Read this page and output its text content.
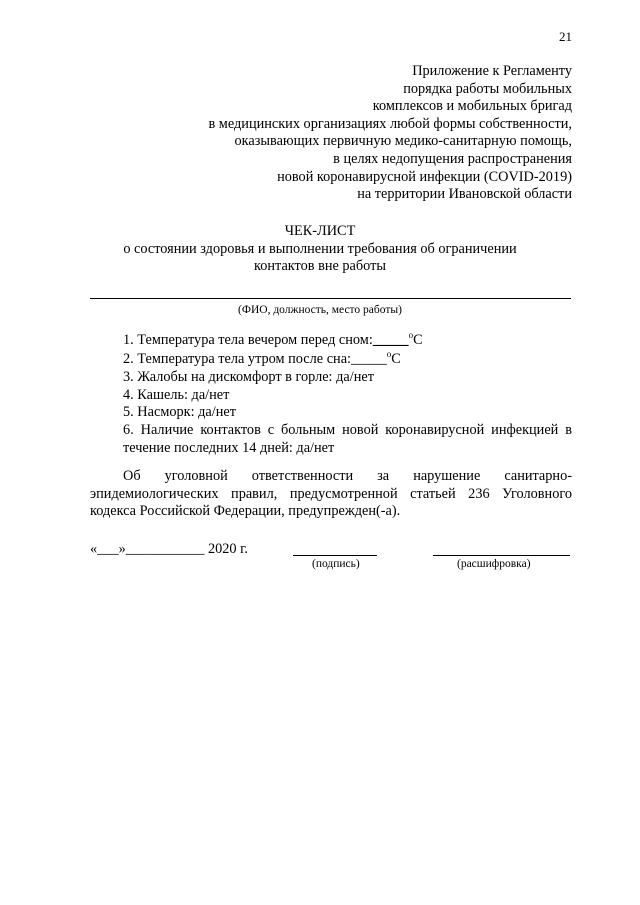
21
Приложение к Регламенту
порядка работы мобильных
комплексов и мобильных бригад
в медицинских организациях любой формы собственности,
оказывающих первичную медико-санитарную помощь,
в целях недопущения распространения
новой коронавирусной инфекции (COVID-2019)
на территории Ивановской области
ЧЕК-ЛИСТ
о состоянии здоровья и выполнении требования об ограничении
контактов вне работы
(ФИО, должность, место работы)
1. Температура тела вечером перед сном:_____$^о$С
2. Температура тела утром после сна:_____$^о$С
3. Жалобы на дискомфорт в горле: да/нет
4. Кашель: да/нет
5. Насморк: да/нет
6. Наличие контактов с больным новой коронавирусной инфекцией в течение последних 14 дней: да/нет
Об уголовной ответственности за нарушение санитарно-эпидемиологических правил, предусмотренной статьей 236 Уголовного кодекса Российской Федерации, предупрежден(-а).
«___»___________ 2020 г.
(подпись)	(расшифровка)
